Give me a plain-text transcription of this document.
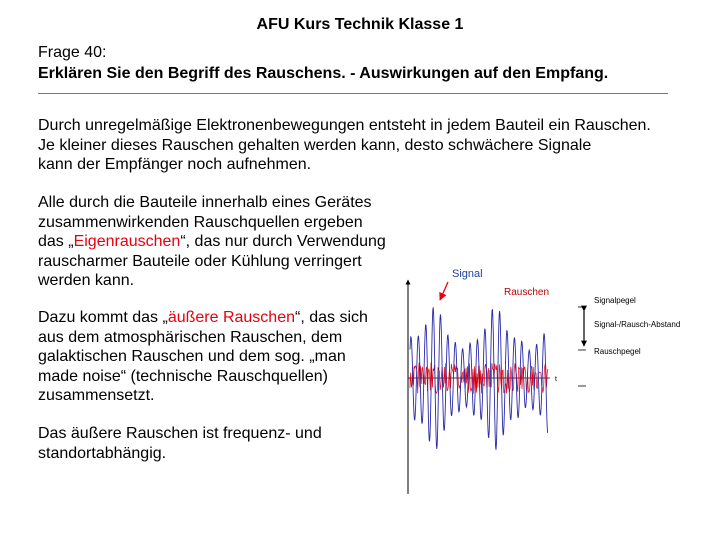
AFU Kurs Technik Klasse 1
Frage 40:
Erklären Sie den Begriff des Rauschens. - Auswirkungen auf den Empfang.
Durch unregelmäßige Elektronenbewegungen entsteht in jedem Bauteil ein Rauschen.
Je kleiner dieses Rauschen gehalten werden kann, desto schwächere Signale
kann der Empfänger noch aufnehmen.
Alle durch die Bauteile innerhalb eines Gerätes
zusammenwirkenden Rauschquellen ergeben
das „Eigenrauschen“, das nur durch Verwendung
rauscharmer Bauteile oder Kühlung verringert
werden kann.
Dazu kommt das „äußere Rauschen“, das sich
aus dem atmosphärischen Rauschen, dem
galaktischen Rauschen und dem sog. „man
made noise“ (technische Rauschquellen)
zusammensetzt.
Das äußere Rauschen ist frequenz- und
standortabhängig.
t
Signal
Rauschen
Signalpegel
Signal-/Rausch-Abstand
Rauschpegel
